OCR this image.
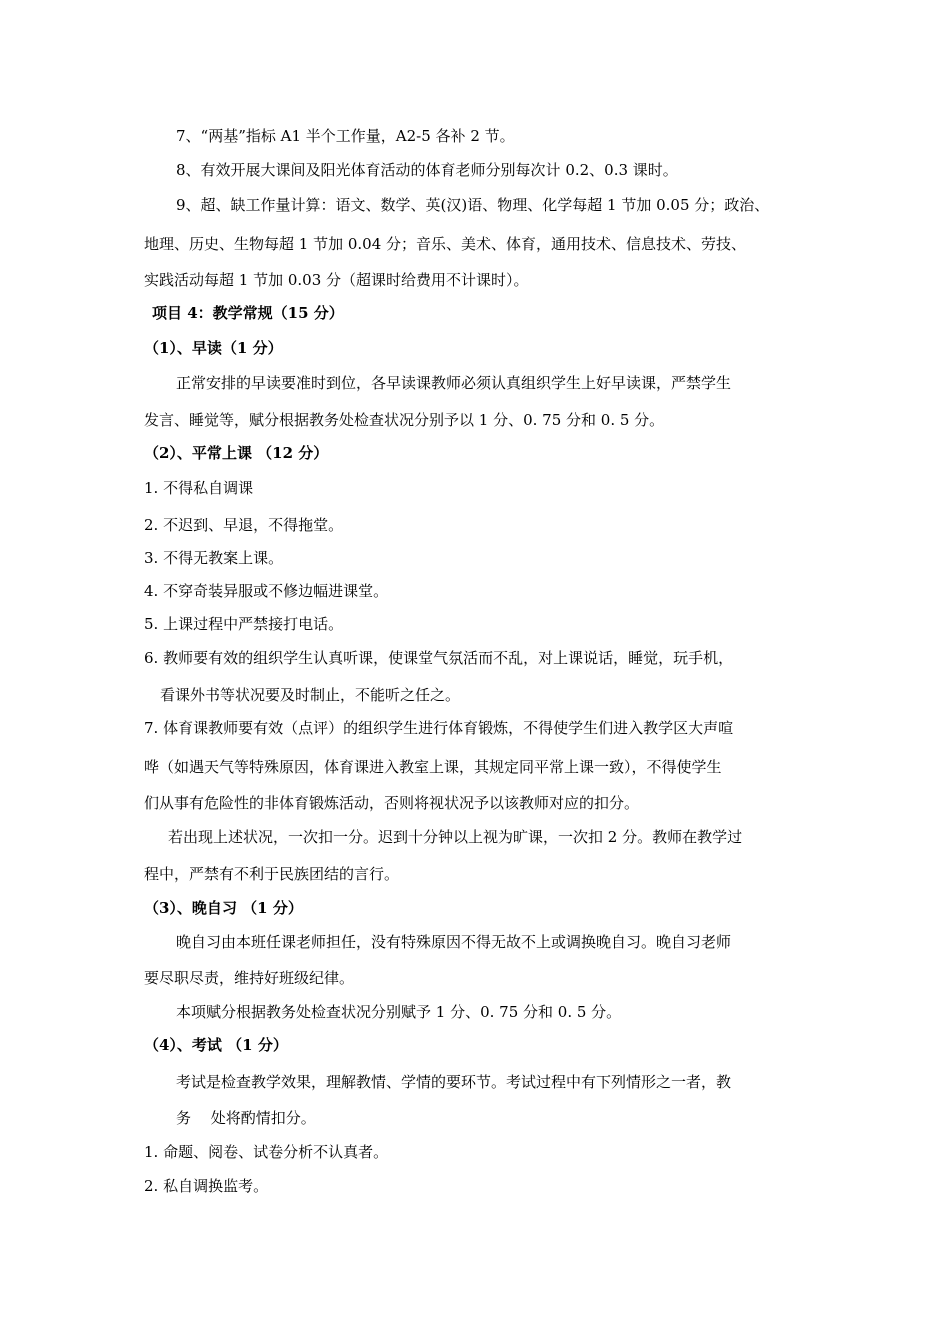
7、“两基”指标 A1 半个工作量，A2-5 各补 2 节。
8、有效开展大课间及阳光体育活动的体育老师分别每次计 0.2、0.3 课时。
9、超、缺工作量计算：语文、数学、英(汉)语、物理、化学每超 1 节加 0.05 分；政治、
地理、历史、生物每超 1 节加 0.04 分；音乐、美术、体育，通用技术、信息技术、劳技、
实践活动每超 1 节加 0.03 分（超课时给费用不计课时）。
项目 4：教学常规（15 分）
（1）、早读（1 分）
正常安排的早读要准时到位，各早读课教师必须认真组织学生上好早读课，严禁学生
发言、睡觉等，赋分根据教务处检查状况分别予以 1 分、0. 75 分和 0. 5 分。
（2）、平常上课 （12 分）
1. 不得私自调课
2. 不迟到、早退，不得拖堂。
3. 不得无教案上课。
4. 不穿奇装异服或不修边幅进课堂。
5. 上课过程中严禁接打电话。
6. 教师要有效的组织学生认真听课，使课堂气氛活而不乱，对上课说话，睡觉，玩手机，
看课外书等状况要及时制止，不能听之任之。
7. 体育课教师要有效（点评）的组织学生进行体育锻炼，不得使学生们进入教学区大声喧
哗（如遇天气等特殊原因，体育课进入教室上课，其规定同平常上课一致），不得使学生
们从事有危险性的非体育锻炼活动，否则将视状况予以该教师对应的扣分。
若出现上述状况，一次扣一分。迟到十分钟以上视为旷课，一次扣 2 分。教师在教学过
程中，严禁有不利于民族团结的言行。
（3）、晚自习 （1 分）
晚自习由本班任课老师担任，没有特殊原因不得无故不上或调换晚自习。晚自习老师
要尽职尽责，维持好班级纪律。
本项赋分根据教务处检查状况分别赋予 1 分、0. 75 分和 0. 5 分。
（4）、考试 （1 分）
考试是检查教学效果，理解教情、学情的要环节。考试过程中有下列情形之一者，教
务　 处将酌情扣分。
1. 命题、阅卷、试卷分析不认真者。
2. 私自调换监考。
